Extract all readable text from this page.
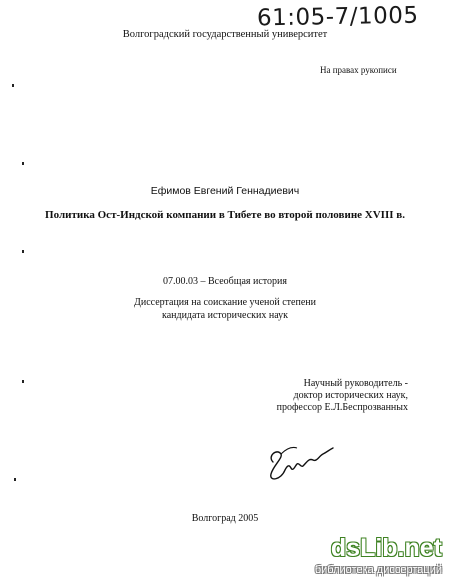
61:05-7/1005
Волгоградский государственный университет
На правах рукописи
Ефимов Евгений Геннадиевич
Политика Ост-Индской компании в Тибете во второй половине XVIII в.
07.00.03 – Всеобщая история
Диссертация на соискание ученой степени
кандидата исторических наук
Научный руководитель -
доктор исторических наук,
профессор Е.Л.Беспрозванных
Волгоград 2005
dsLib.net
библиотека диссертаций
